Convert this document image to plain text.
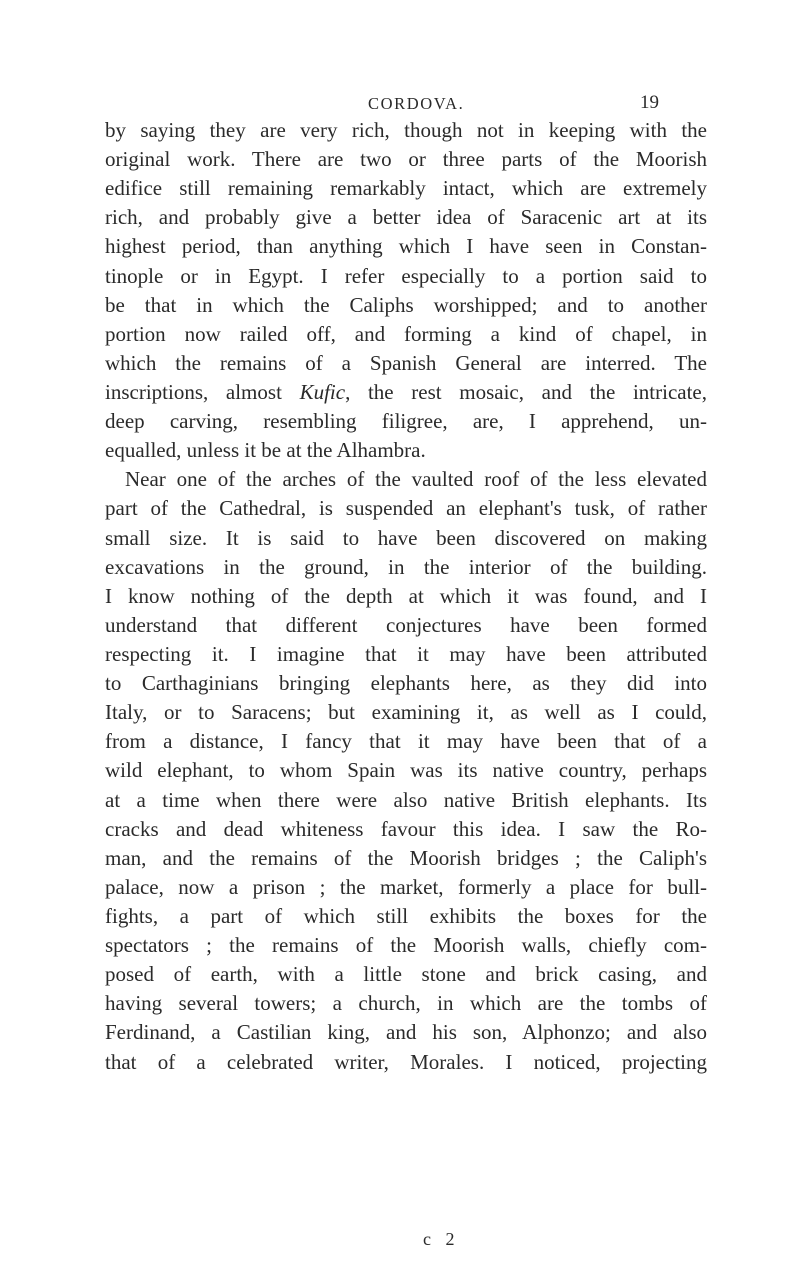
CORDOVA.	19
by saying they are very rich, though not in keeping with the
original work. There are two or three parts of the Moorish
edifice still remaining remarkably intact, which are extremely
rich, and probably give a better idea of Saracenic art at its
highest period, than anything which I have seen in Constan-
tinople or in Egypt. I refer especially to a portion said to
be that in which the Caliphs worshipped; and to another
portion now railed off, and forming a kind of chapel, in
which the remains of a Spanish General are interred. The
inscriptions, almost Kufic, the rest mosaic, and the intricate,
deep carving, resembling filigree, are, I apprehend, un-
equalled, unless it be at the Alhambra.
Near one of the arches of the vaulted roof of the less elevated
part of the Cathedral, is suspended an elephant's tusk, of rather
small size. It is said to have been discovered on making
excavations in the ground, in the interior of the building.
I know nothing of the depth at which it was found, and I
understand that different conjectures have been formed
respecting it. I imagine that it may have been attributed
to Carthaginians bringing elephants here, as they did into
Italy, or to Saracens; but examining it, as well as I could,
from a distance, I fancy that it may have been that of a
wild elephant, to whom Spain was its native country, perhaps
at a time when there were also native British elephants. Its
cracks and dead whiteness favour this idea. I saw the Ro-
man, and the remains of the Moorish bridges ; the Caliph's
palace, now a prison ; the market, formerly a place for bull-
fights, a part of which still exhibits the boxes for the
spectators ; the remains of the Moorish walls, chiefly com-
posed of earth, with a little stone and brick casing, and
having several towers; a church, in which are the tombs of
Ferdinand, a Castilian king, and his son, Alphonzo; and also
that of a celebrated writer, Morales. I noticed, projecting
c 2
